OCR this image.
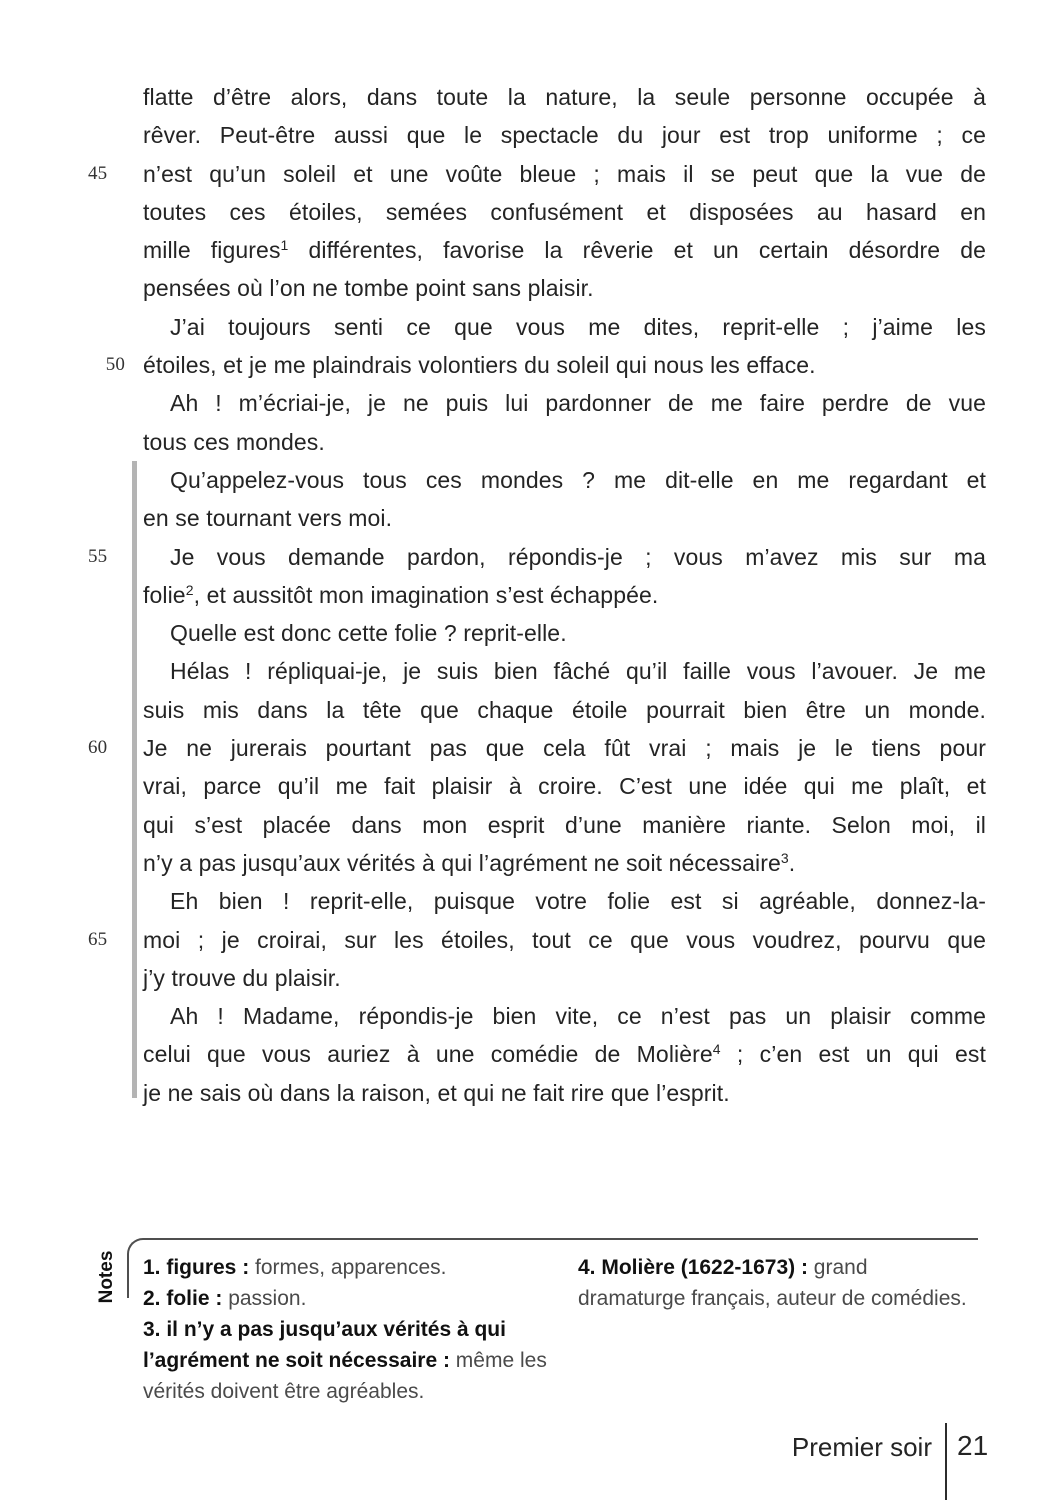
flatte d’être alors, dans toute la nature, la seule personne occupée à
rêver. Peut-être aussi que le spectacle du jour est trop uniforme ; ce
45	n’est qu’un soleil et une voûte bleue ; mais il se peut que la vue de
toutes ces étoiles, semées confusément et disposées au hasard en
mille figures$^1$ différentes, favorise la rêverie et un certain désordre de
pensées où l’on ne tombe point sans plaisir.
J’ai toujours senti ce que vous me dites, reprit-elle ; j’aime les
50 étoiles, et je me plaindrais volontiers du soleil qui nous les efface.
Ah ! m’écriai-je, je ne puis lui pardonner de me faire perdre de vue
tous ces mondes.
Qu’appelez-vous tous ces mondes ? me dit-elle en me regardant et
en se tournant vers moi.
55	Je vous demande pardon, répondis-je ; vous m’avez mis sur ma
folie$^2$, et aussitôt mon imagination s’est échappée.
Quelle est donc cette folie ? reprit-elle.
Hélas ! répliquai-je, je suis bien fâché qu’il faille vous l’avouer. Je me
suis mis dans la tête que chaque étoile pourrait bien être un monde.
60	Je ne jurerais pourtant pas que cela fût vrai ; mais je le tiens pour
vrai, parce qu’il me fait plaisir à croire. C’est une idée qui me plaît, et
qui s’est placée dans mon esprit d’une manière riante. Selon moi, il
n’y a pas jusqu’aux vérités à qui l’agrément ne soit nécessaire$^3$.
Eh bien ! reprit-elle, puisque votre folie est si agréable, donnez-la-
65	moi ; je croirai, sur les étoiles, tout ce que vous voudrez, pourvu que
j’y trouve du plaisir.
Ah ! Madame, répondis-je bien vite, ce n’est pas un plaisir comme
celui que vous auriez à une comédie de Molière$^4$ ; c’en est un qui est
je ne sais où dans la raison, et qui ne fait rire que l’esprit.
Notes 1. figures : formes, apparences.
2. folie : passion.
3. il n’y a pas jusqu’aux vérités à qui
l’agrément ne soit nécessaire : même les
vérités doivent être agréables.
4. Molière (1622-1673) : grand
dramaturge français, auteur de comédies.
Premier soir 21
